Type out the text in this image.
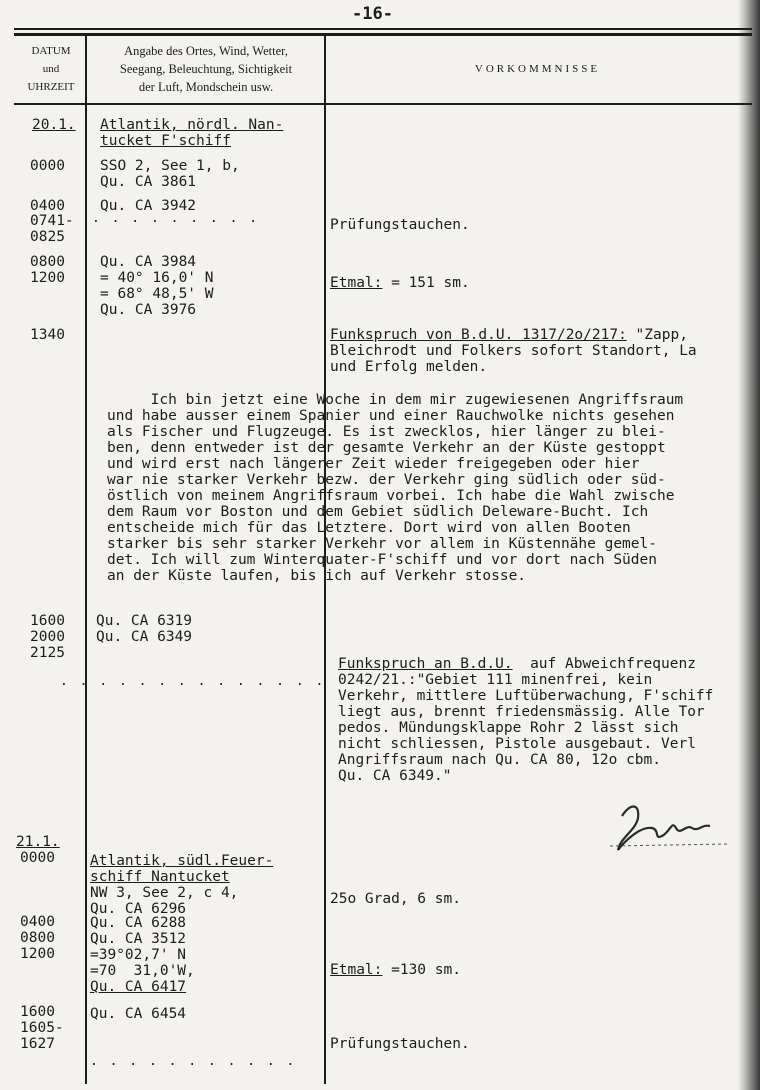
-16-
DATUM
und
UHRZEIT
Angabe des Ortes, Wind, Wetter,
Seegang, Beleuchtung, Sichtigkeit
der Luft, Mondschein usw.
VORKOMMNISSE
20.1. Atlantik, nördl. Nan-
tucket F'schiff
0000 SSO 2, See 1, b,
Qu. CA 3861
0400 Qu. CA 3942
0741- . . . . . . . . .
0825
Prüfungstauchen.
0800 Qu. CA 3984
1200 = 40° 16,0' N
= 68° 48,5' W
Qu. CA 3976
Etmal: = 151 sm.
1340	Funkspruch von B.d.U. 1317/2o/217: "Zapp,
Bleichrodt und Folkers sofort Standort, La
und Erfolg melden.
Ich bin jetzt eine Woche in dem mir zugewiesenen Angriffsraum
und habe ausser einem Spanier und einer Rauchwolke nichts gesehen
als Fischer und Flugzeuge. Es ist zwecklos, hier länger zu blei-
ben, denn entweder ist der gesamte Verkehr an der Küste gestoppt
und wird erst nach längerer Zeit wieder freigegeben oder hier
war nie starker Verkehr bezw. der Verkehr ging südlich oder süd-
östlich von meinem Angriffsraum vorbei. Ich habe die Wahl zwische
dem Raum vor Boston und dem Gebiet südlich Deleware-Bucht. Ich
entscheide mich für das Letztere. Dort wird von allen Booten
starker bis sehr starker Verkehr vor allem in Küstennähe gemel-
det. Ich will zum Winterquater-F'schiff und vor dort nach Süden
an der Küste laufen, bis ich auf Verkehr stosse.
1600 Qu. CA 6319
2000 Qu. CA 6349
2125
. . . . . . . . . . . . . .
Funkspruch an B.d.U.  auf Abweichfrequenz
0242/21.:"Gebiet 111 minenfrei, kein
Verkehr, mittlere Luftüberwachung, F'schiff
liegt aus, brennt friedensmässig. Alle Tor
pedos. Mündungsklappe Rohr 2 lässt sich
nicht schliessen, Pistole ausgebaut. Verl
Angriffsraum nach Qu. CA 80, 12o cbm.
Qu. CA 6349."
21.1.
0000 Atlantik, südl.Feuer-
schiff Nantucket
NW 3, See 2, c 4,
Qu. CA 6296
25o Grad, 6 sm.
0400 Qu. CA 6288
0800 Qu. CA 3512
1200 =39°02,7' N
=70  31,0'W,
Qu. CA 6417
Etmal: =130 sm.
1600 Qu. CA 6454
1605-
1627	Prüfungstauchen.
. . . . . . . . . . .
